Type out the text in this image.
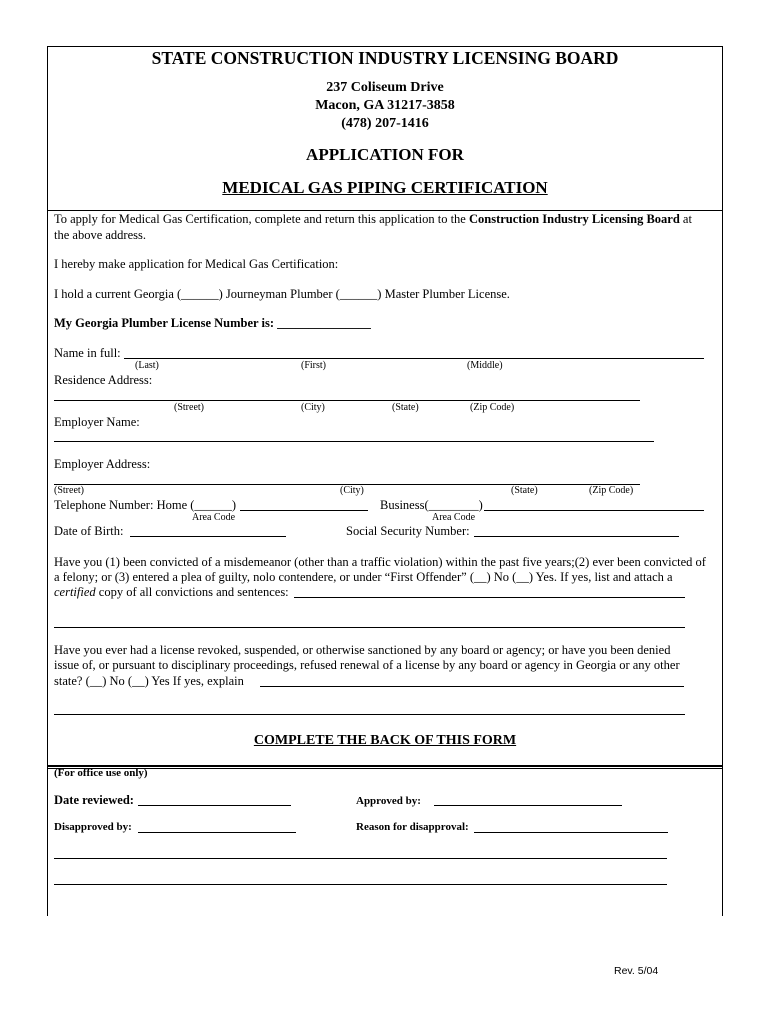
STATE CONSTRUCTION INDUSTRY LICENSING BOARD
237 Coliseum Drive
Macon, GA 31217-3858
(478) 207-1416
APPLICATION FOR
MEDICAL GAS PIPING CERTIFICATION
To apply for Medical Gas Certification, complete and return this application to the Construction Industry Licensing Board at
the above address.
I hereby make application for Medical Gas Certification:
I hold a current Georgia (______) Journeyman Plumber (______) Master Plumber License.
My Georgia Plumber License Number is: _______________
Name in full:
(Last)	(First)	(Middle)
Residence Address:
(Street)	(City)	(State)	(Zip Code)
Employer Name:
Employer Address:
(Street)	(City)	(State)	(Zip Code)
Telephone Number: Home (______)
Area Code
Business(________)
Area Code
Date of Birth:	Social Security Number:
Have you (1) been convicted of a misdemeanor (other than a traffic violation) within the past five years;(2) ever been convicted of
a felony; or (3) entered a plea of guilty, nolo contendere, or under “First Offender” (__) No (__) Yes. If yes, list and attach a
certified copy of all convictions and sentences:
Have you ever had a license revoked, suspended, or otherwise sanctioned by any board or agency; or have you been denied
issue of, or pursuant to disciplinary proceedings, refused renewal of a license by any board or agency in Georgia or any other
state? (__) No (__) Yes If yes, explain
COMPLETE THE BACK OF THIS FORM
(For office use only)
Date reviewed:	Approved by:
Disapproved by:	Reason for disapproval:
Rev. 5/04
